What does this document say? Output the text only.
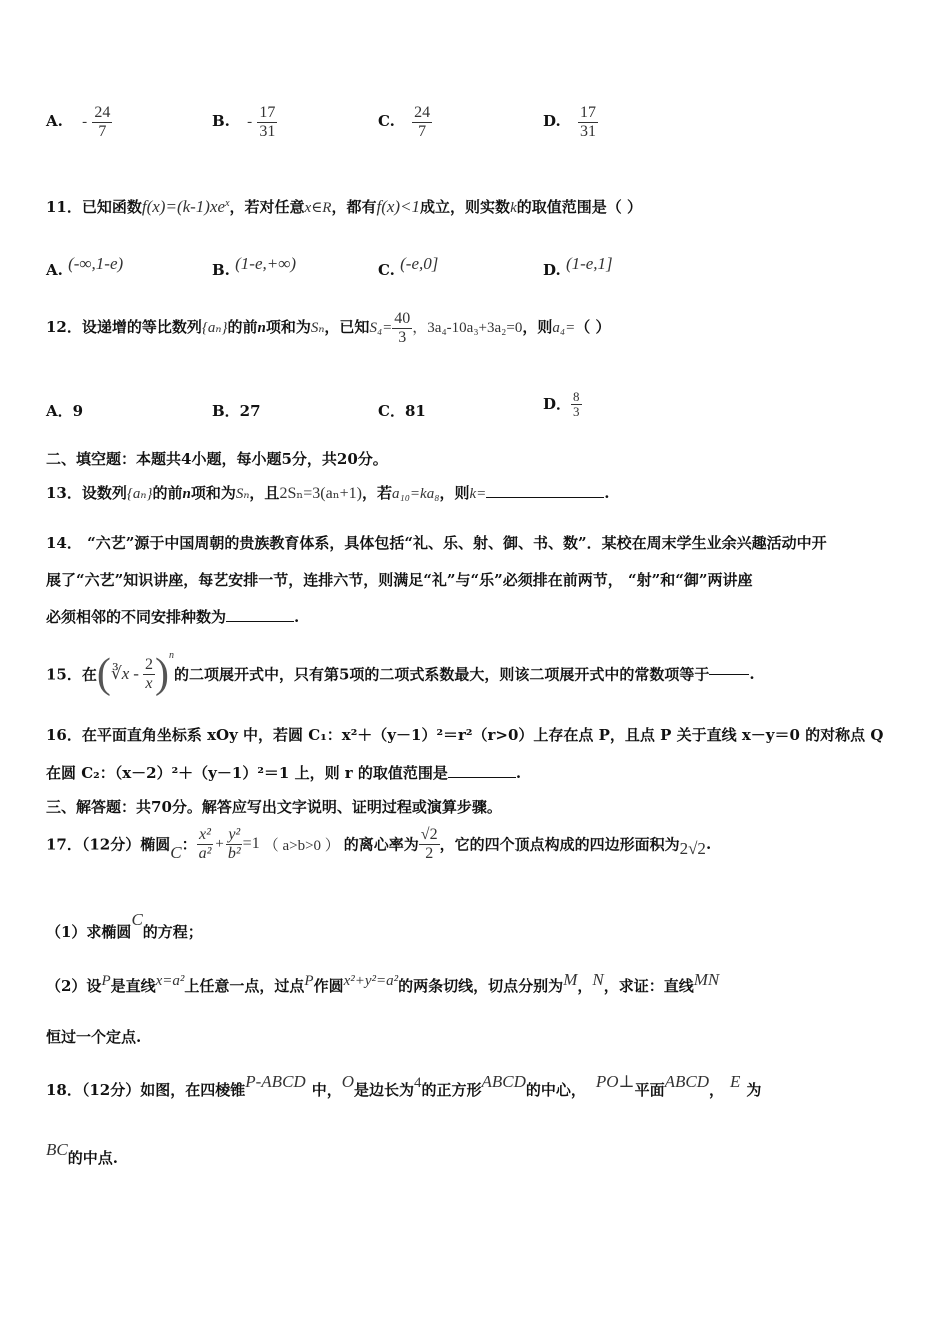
A. - $\frac{24}{7}$	B. - $\frac{17}{31}$	C. $\frac{24}{7}$	D. $\frac{17}{31}$
11．已知函数$f(x)=(k-1)xe^x$，若对任意x∈R，都有f(x)<1成立，则实数k的取值范围是（ ）
A. (-∞,1-e)	B. (1-e,+∞)	C. (-e,0]	D. (1-e,1]
12．设递增的等比数列{aₙ}的前n项和为Sₙ，已知$S_4= \frac{40}{3}$ ，3a₄-10a₃+3a₂=0，则a₄=（ ）
A．9	B．27	C．81	D． $\frac{8}{3}$
二、填空题：本题共4小题，每小题5分，共20分。
13．设数列{aₙ}的前n项和为Sₙ，且2Sₙ=3(aₙ+1)，若a₁₀=ka₈，则k=	.
14． “六艺”源于中国周朝的贵族教育体系，具体包括“礼、乐、射、御、书、数”．某校在周末学生业余兴趣活动中开
展了“六艺”知识讲座，每艺安排一节，连排六节，则满足“礼”与“乐”必须排在前两节， “射”和“御”两讲座
必须相邻的不同安排种数为	.
15．在 ( ∛x - $\frac{2}{x} )^n$
的二项展开式中，只有第5项的二项式系数最大，则该二项展开式中的常数项等于	.
16．在平面直角坐标系 xOy 中，若圆 C₁：x²＋（y－1）²＝r²（r>0）上存在点 P，且点 P 关于直线 x－y＝0 的对称点 Q
在圆 C₂：（x－2）²＋（y－1）²＝1 上，则 r 的取值范围是	.
三、解答题：共70分。解答应写出文字说明、证明过程或演算步骤。
17．（12分）椭圆C： $\frac{\text{x²}}{\text{a²}} + \frac{\text{y²}}{\text{b²}} =1$ （ a>b>0 ） 的离心率为 $\frac{√2}{2}$ ，它的四个顶点构成的四边形面积为2√2.
（1）求椭圆C的方程；
（2）设P是直线x=a²上任意一点，过点P作圆x²+y²=a²的两条切线，切点分别为M，N，求证：直线MN
恒过一个定点.
18．（12分）如图，在四棱锥P-ABCD 中，O是边长为4的正方形ABCD的中心， PO⊥平面ABCD， E 为
BC的中点.
